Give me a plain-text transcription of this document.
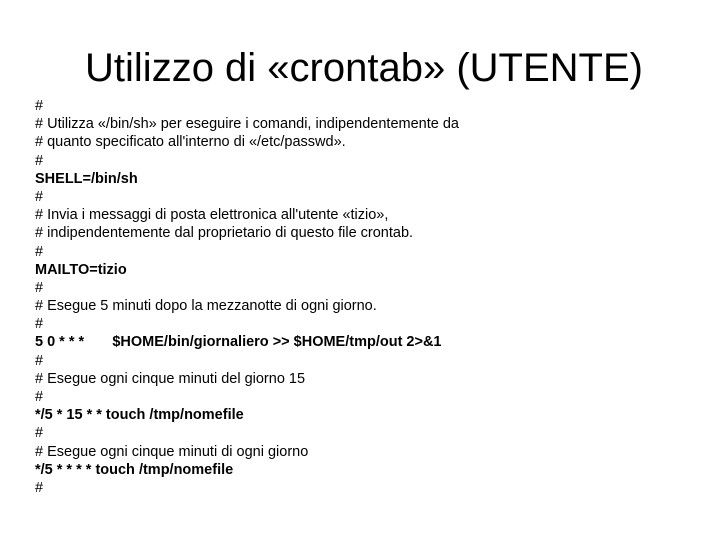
Utilizzo di «crontab» (UTENTE)
#
# Utilizza «/bin/sh» per eseguire i comandi, indipendentemente da
# quanto specificato all'interno di «/etc/passwd».
#
SHELL=/bin/sh
#
# Invia i messaggi di posta elettronica all'utente «tizio»,
# indipendentemente dal proprietario di questo file crontab.
#
MAILTO=tizio
#
# Esegue 5 minuti dopo la mezzanotte di ogni giorno.
#
5 0 * * *       $HOME/bin/giornaliero >> $HOME/tmp/out 2>&1
#
# Esegue ogni cinque minuti del giorno 15
#
*/5 * 15 * * touch /tmp/nomefile
#
# Esegue ogni cinque minuti di ogni giorno
*/5 * * * * touch /tmp/nomefile
#
